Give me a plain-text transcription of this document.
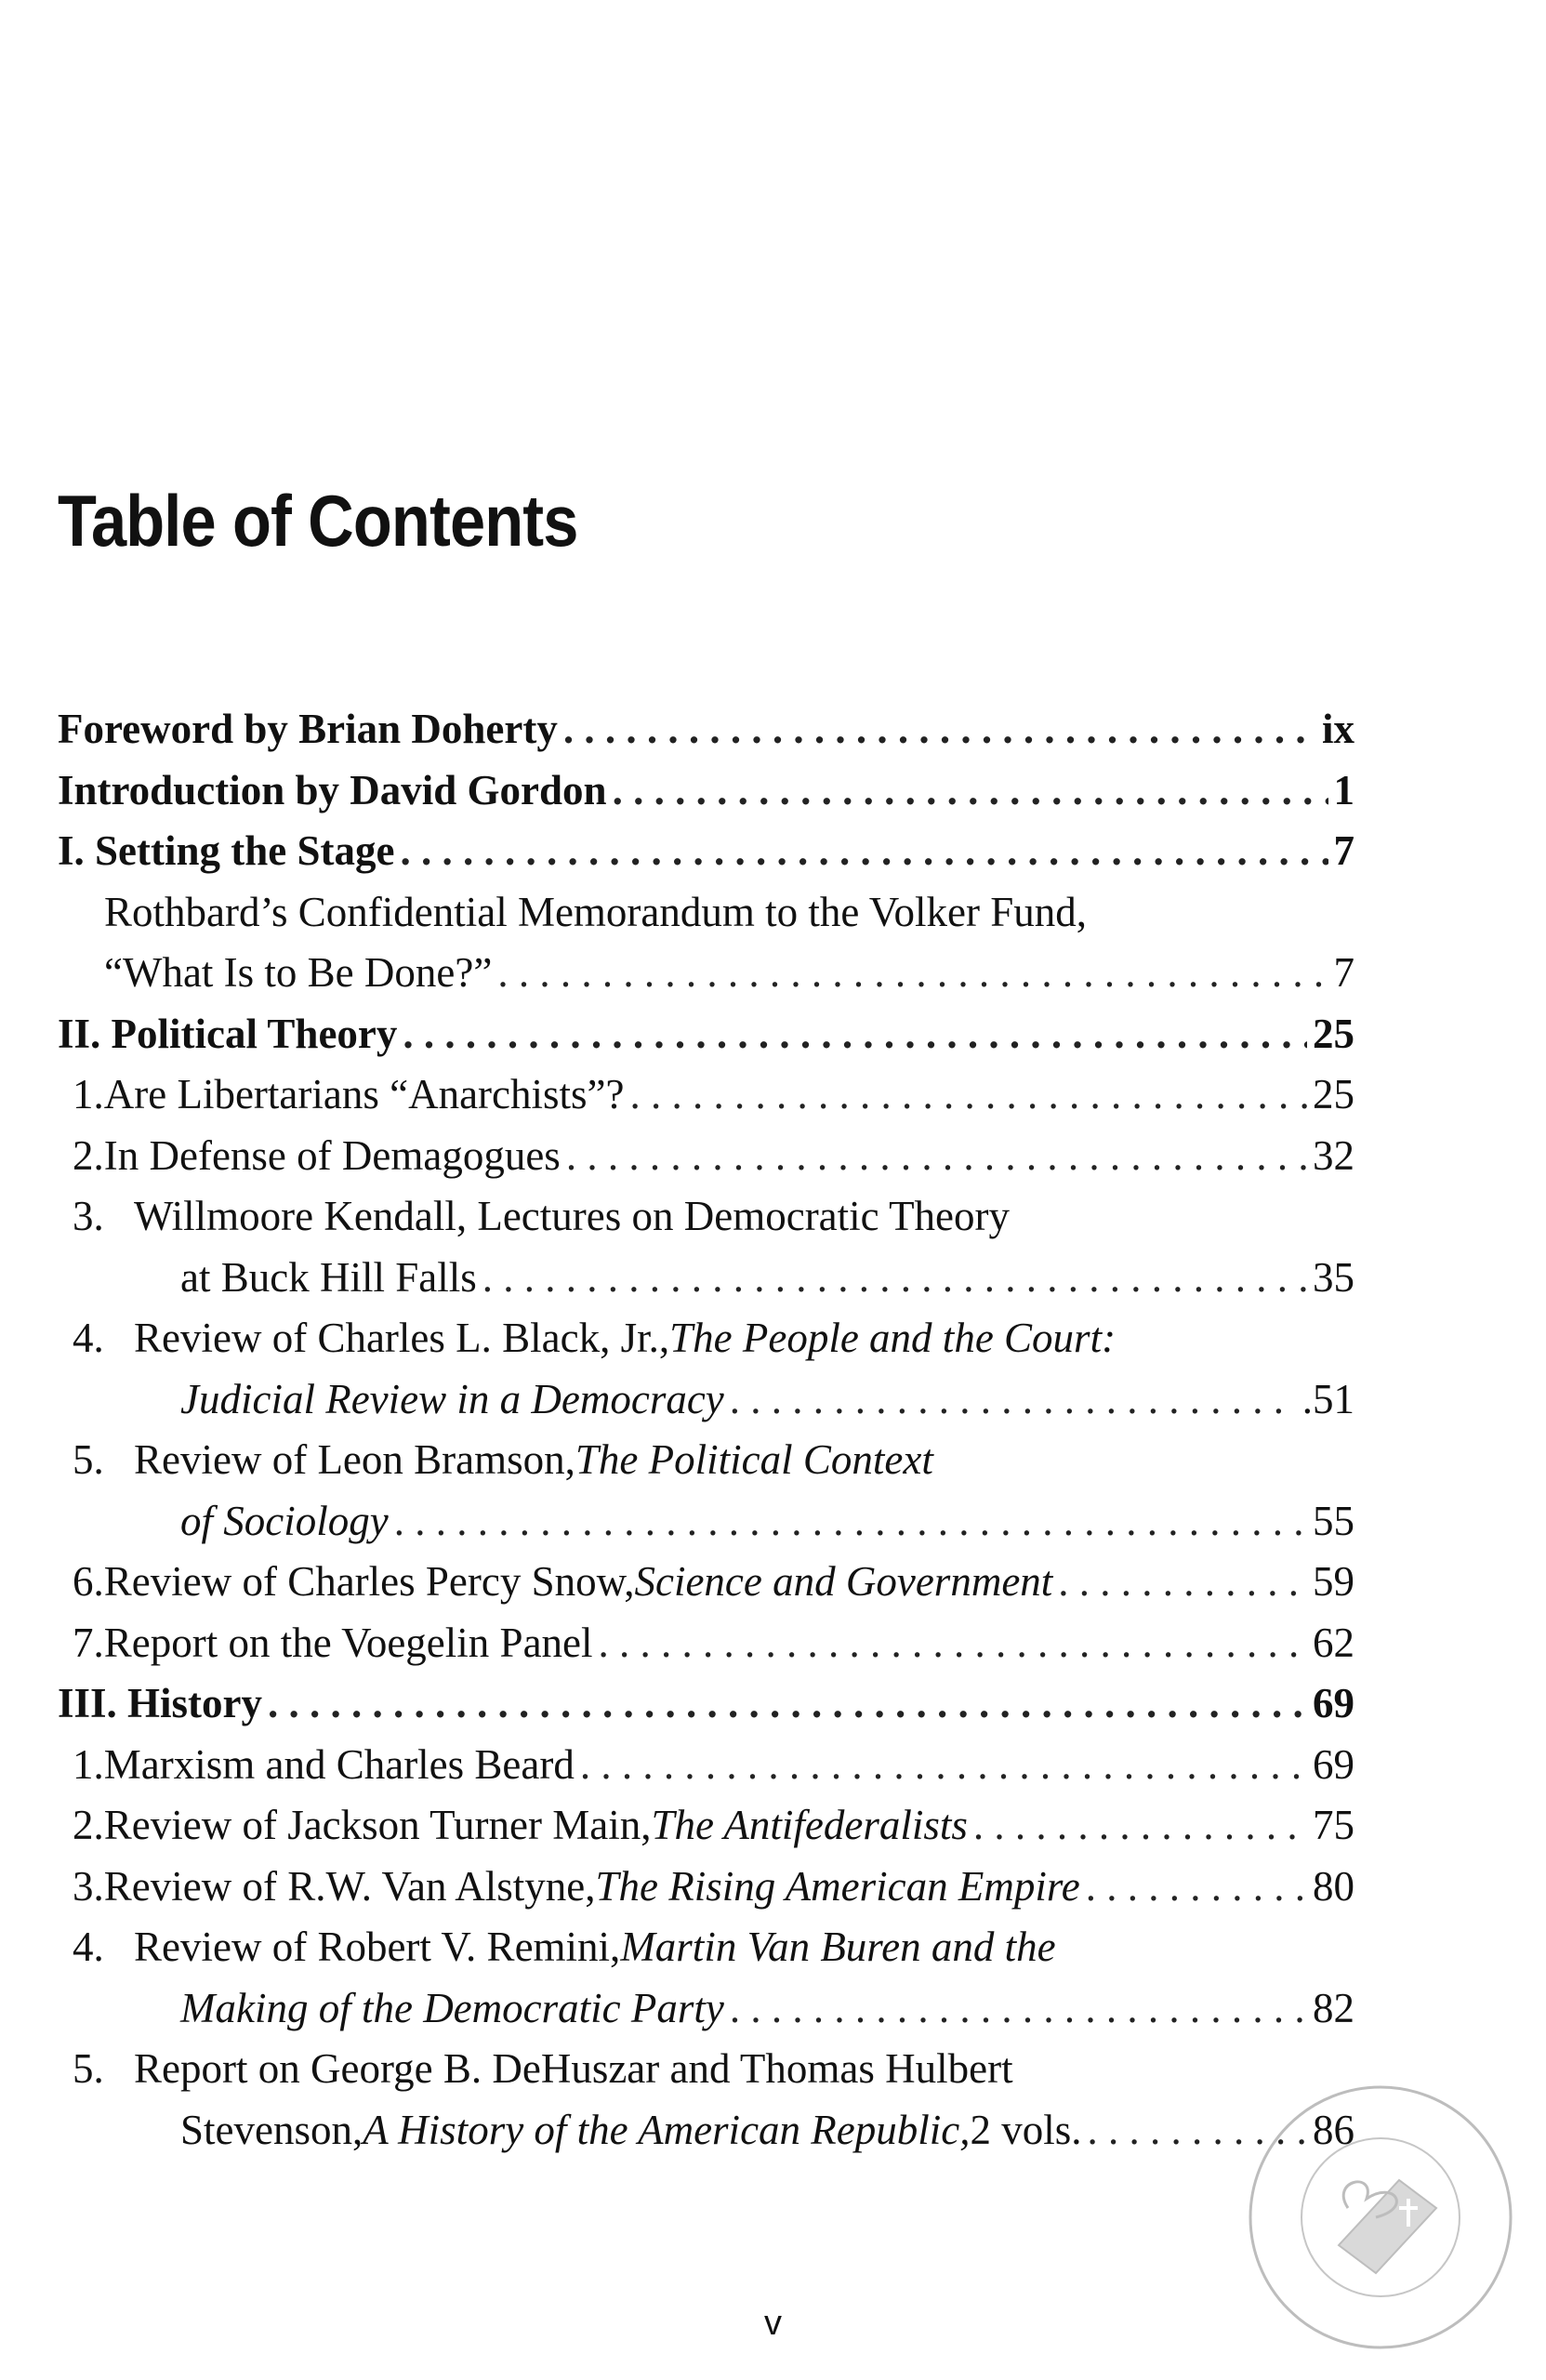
Table of Contents
Foreword by Brian Doherty . . .	ix
Introduction by David Gordon . . .	1
I. Setting the Stage . . .	7
Rothbard’s Confidential Memorandum to the Volker Fund,
“What Is to Be Done?” . . .	7
II. Political Theory . . .	25
1. Are Libertarians “Anarchists”? . . .	25
2. In Defense of Demagogues . . .	32
3. Willmoore Kendall, Lectures on Democratic Theory
at Buck Hill Falls . . .	35
4. Review of Charles L. Black, Jr., The People and the Court:
Judicial Review in a Democracy . . .	.51
5. Review of Leon Bramson, The Political Context
of Sociology . . .	55
6. Review of Charles Percy Snow, Science and Government . . .	59
7. Report on the Voegelin Panel . . .	62
III. History . . .	69
1. Marxism and Charles Beard . . .	69
2. Review of Jackson Turner Main, The Antifederalists . . .	75
3. Review of R.W. Van Alstyne, The Rising American Empire . . .	80
4. Review of Robert V. Remini, Martin Van Buren and the
Making of the Democratic Party . . .	82
5. Report on George B. DeHuszar and Thomas Hulbert
Stevenson, A History of the American Republic, 2 vols. . . .	86
v
